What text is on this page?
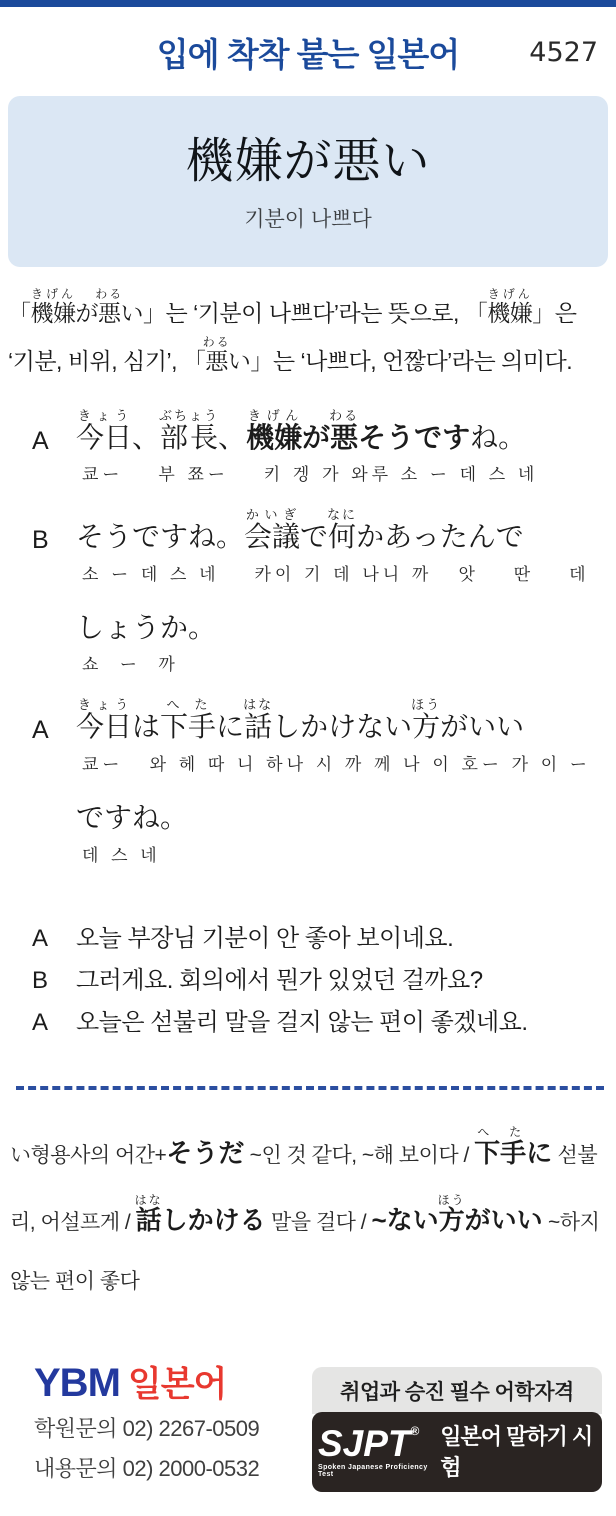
입에 착착 붙는 일본어	4527
機嫌が悪い
기분이 나쁘다

「機嫌きげんが悪わるい」는 ‘기분이 나쁘다’라는 뜻으로, 「機嫌きげん」은 ‘기분, 비위, 심기’, 「悪わるい」는 ‘나쁘다, 언짢다’라는 의미다.

A 今日きょう、部長ぶちょう、機嫌きげんが悪わるそうですね。
쿄ー    부 쬬ー    키 겡 가 와루 소 ー 데 스 네
B そうですね。会議かいぎで何なにかあったんで
소 ー 데 스 네    카이 기 데 나니 까   앗    딴    데
しょうか。
쇼  ー  까
A 今日きょうは下手へたに話はなしかけない方ほうがいい
쿄ー   와 헤 따 니 하나 시 까 께 나 이 호ー 가 이 ー
ですね。
데 스 네
A	오늘 부장님 기분이 안 좋아 보이네요.
B	그러게요. 회의에서 뭔가 있었던 걸까요?
A	오늘은 섣불리 말을 걸지 않는 편이 좋겠네요.

い형용사의 어간+そうだ ~인 것 같다, ~해 보이다 / 下手へ たに 섣불리, 어설프게 / 話はなしかける 말을 걸다 / ~ない方ほうがいい ~하지 않는 편이 좋다

YBM 일본어
학원문의 02) 2267-0509
내용문의 02) 2000-0532
취업과 승진 필수 어학자격
SJPT®
Spoken Japanese Proficiency Test
일본어 말하기 시험
